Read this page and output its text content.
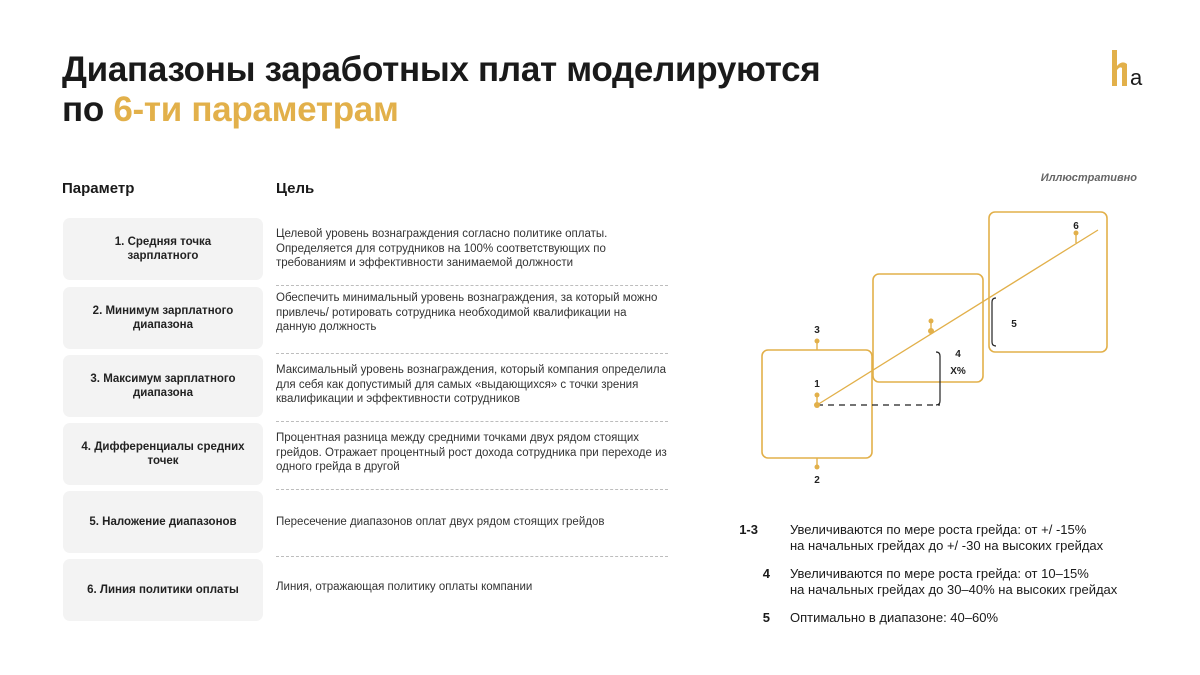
Диапазоны заработных плат моделируются
по 6-ти параметрам
a
Параметр	Цель
Иллюстративно
1. Средняя точка зарплатного
Целевой уровень вознаграждения согласно политике оплаты. Определяется для сотрудников на 100% соответствующих по требованиям и эффективности занимаемой должности
2. Минимум зарплатного диапазона
Обеспечить минимальный уровень вознаграждения, за который можно привлечь/ ротировать сотрудника необходимой квалификации на данную должность
3. Максимум зарплатного диапазона
Максимальный уровень вознаграждения, который компания определила для себя как допустимый для самых «выдающихся» с точки зрения квалификации и эффективности сотрудников
4. Дифференциалы средних точек
Процентная разница между средними точками двух рядом стоящих грейдов. Отражает процентный рост дохода сотрудника при переходе из одного грейда в другой
5. Наложение диапазонов	Пересечение диапазонов оплат двух рядом стоящих грейдов
6. Линия политики оплаты	Линия, отражающая политику оплаты компании
3
1
2
4
X%
5
6
1-3 Увеличиваются по мере роста грейда: от +/ -15%
на начальных грейдах до +/ -30 на высоких грейдах
4 Увеличиваются по мере роста грейда: от 10–15%
на начальных грейдах до 30–40% на высоких грейдах
5 Оптимально в диапазоне: 40–60%
